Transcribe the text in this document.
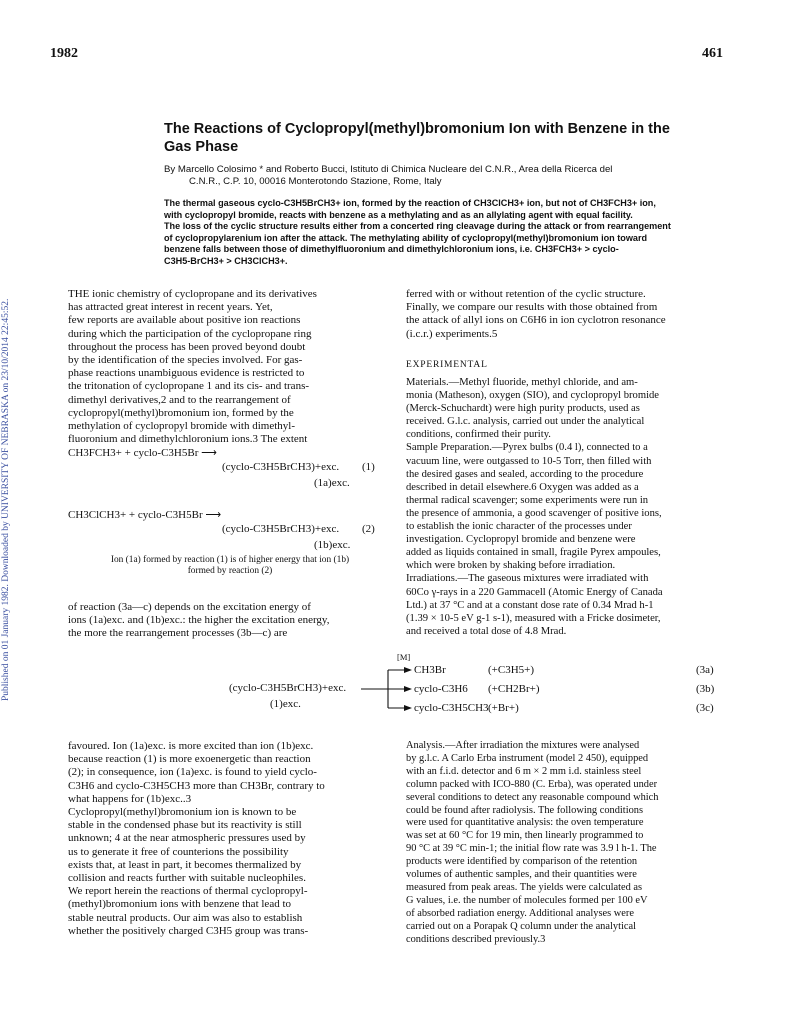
Published on 01 January 1982. Downloaded by UNIVERSITY OF NEBRASKA on 23/10/2014 22:45:52.
1982	461
The Reactions of Cyclopropyl(methyl)bromonium Ion with Benzene in the
Gas Phase
By Marcello Colosimo * and Roberto Bucci, Istituto di Chimica Nucleare del C.N.R., Area della Ricerca del
C.N.R., C.P. 10, 00016 Monterotondo Stazione, Rome, Italy
The thermal gaseous cyclo-C3H5BrCH3+ ion, formed by the reaction of CH3ClCH3+ ion, but not of CH3FCH3+ ion,
with cyclopropyl bromide, reacts with benzene as a methylating and as an allylating agent with equal facility.
The loss of the cyclic structure results either from a concerted ring cleavage during the attack or from rearrangement
of cyclopropylarenium ion after the attack. The methylating ability of cyclopropyl(methyl)bromonium ion toward
benzene falls between those of dimethylfluoronium and dimethylchloronium ions, i.e. CH3FCH3+ > cyclo-
C3H5-BrCH3+ > CH3ClCH3+.
THE ionic chemistry of cyclopropane and its derivatives
has attracted great interest in recent years. Yet,
few reports are available about positive ion reactions
during which the participation of the cyclopropane ring
throughout the process has been proved beyond doubt
by the identification of the species involved. For gas-
phase reactions unambiguous evidence is restricted to
the tritonation of cyclopropane 1 and its cis- and trans-
dimethyl derivatives,2 and to the rearrangement of
cyclopropyl(methyl)bromonium ion, formed by the
methylation of cyclopropyl bromide with dimethyl-
fluoronium and dimethylchloronium ions.3 The extent
CH3FCH3+ + cyclo-C3H5Br ⟶
(cyclo-C3H5BrCH3)+exc. (1)
(1a)exc.
CH3ClCH3+ + cyclo-C3H5Br ⟶
(cyclo-C3H5BrCH3)+exc. (2)
(1b)exc.
Ion (1a) formed by reaction (1) is of higher energy that ion (1b)
formed by reaction (2)
of reaction (3a—c) depends on the excitation energy of
ions (1a)exc. and (1b)exc.: the higher the excitation energy,
the more the rearrangement processes (3b—c) are
ferred with or without retention of the cyclic structure.
Finally, we compare our results with those obtained from
the attack of allyl ions on C6H6 in ion cyclotron resonance
(i.c.r.) experiments.5
EXPERIMENTAL
Materials.—Methyl fluoride, methyl chloride, and am-
monia (Matheson), oxygen (SIO), and cyclopropyl bromide
(Merck-Schuchardt) were high purity products, used as
received. G.l.c. analysis, carried out under the analytical
conditions, confirmed their purity.
Sample Preparation.—Pyrex bulbs (0.4 l), connected to a
vacuum line, were outgassed to 10-5 Torr, then filled with
the desired gases and sealed, according to the procedure
described in detail elsewhere.6 Oxygen was added as a
thermal radical scavenger; some experiments were run in
the presence of ammonia, a good scavenger of positive ions,
to establish the ionic character of the processes under
investigation. Cyclopropyl bromide and benzene were
added as liquids contained in small, fragile Pyrex ampoules,
which were broken by shaking before irradiation.
Irradiations.—The gaseous mixtures were irradiated with
60Co γ-rays in a 220 Gammacell (Atomic Energy of Canada
Ltd.) at 37 °C and at a constant dose rate of 0.34 Mrad h-1
(1.39 × 10-5 eV g-1 s-1), measured with a Fricke dosimeter,
and received a total dose of 4.8 Mrad.
[M]
(cyclo-C3H5BrCH3)+exc.
(1)exc.
CH3Br	(+C3H5+)	(3a)
cyclo-C3H6 (+CH2Br+)	(3b)
cyclo-C3H5CH3 (+Br+)	(3c)
favoured. Ion (1a)exc. is more excited than ion (1b)exc.
because reaction (1) is more exoenergetic than reaction
(2); in consequence, ion (1a)exc. is found to yield cyclo-
C3H6 and cyclo-C3H5CH3 more than CH3Br, contrary to
what happens for (1b)exc..3
Cyclopropyl(methyl)bromonium ion is known to be
stable in the condensed phase but its reactivity is still
unknown; 4 at the near atmospheric pressures used by
us to generate it free of counterions the possibility
exists that, at least in part, it becomes thermalized by
collision and reacts further with suitable nucleophiles.
We report herein the reactions of thermal cyclopropyl-
(methyl)bromonium ions with benzene that lead to
stable neutral products. Our aim was also to establish
whether the positively charged C3H5 group was trans-
Analysis.—After irradiation the mixtures were analysed
by g.l.c. A Carlo Erba instrument (model 2 450), equipped
with an f.i.d. detector and 6 m × 2 mm i.d. stainless steel
column packed with ICO-880 (C. Erba), was operated under
several conditions to detect any reasonable compound which
could be found after radiolysis. The following conditions
were used for quantitative analysis: the oven temperature
was set at 60 °C for 19 min, then linearly programmed to
90 °C at 39 °C min-1; the initial flow rate was 3.9 l h-1. The
products were identified by comparison of the retention
volumes of authentic samples, and their quantities were
measured from peak areas. The yields were calculated as
G values, i.e. the number of molecules formed per 100 eV
of absorbed radiation energy. Additional analyses were
carried out on a Porapak Q column under the analytical
conditions described previously.3
